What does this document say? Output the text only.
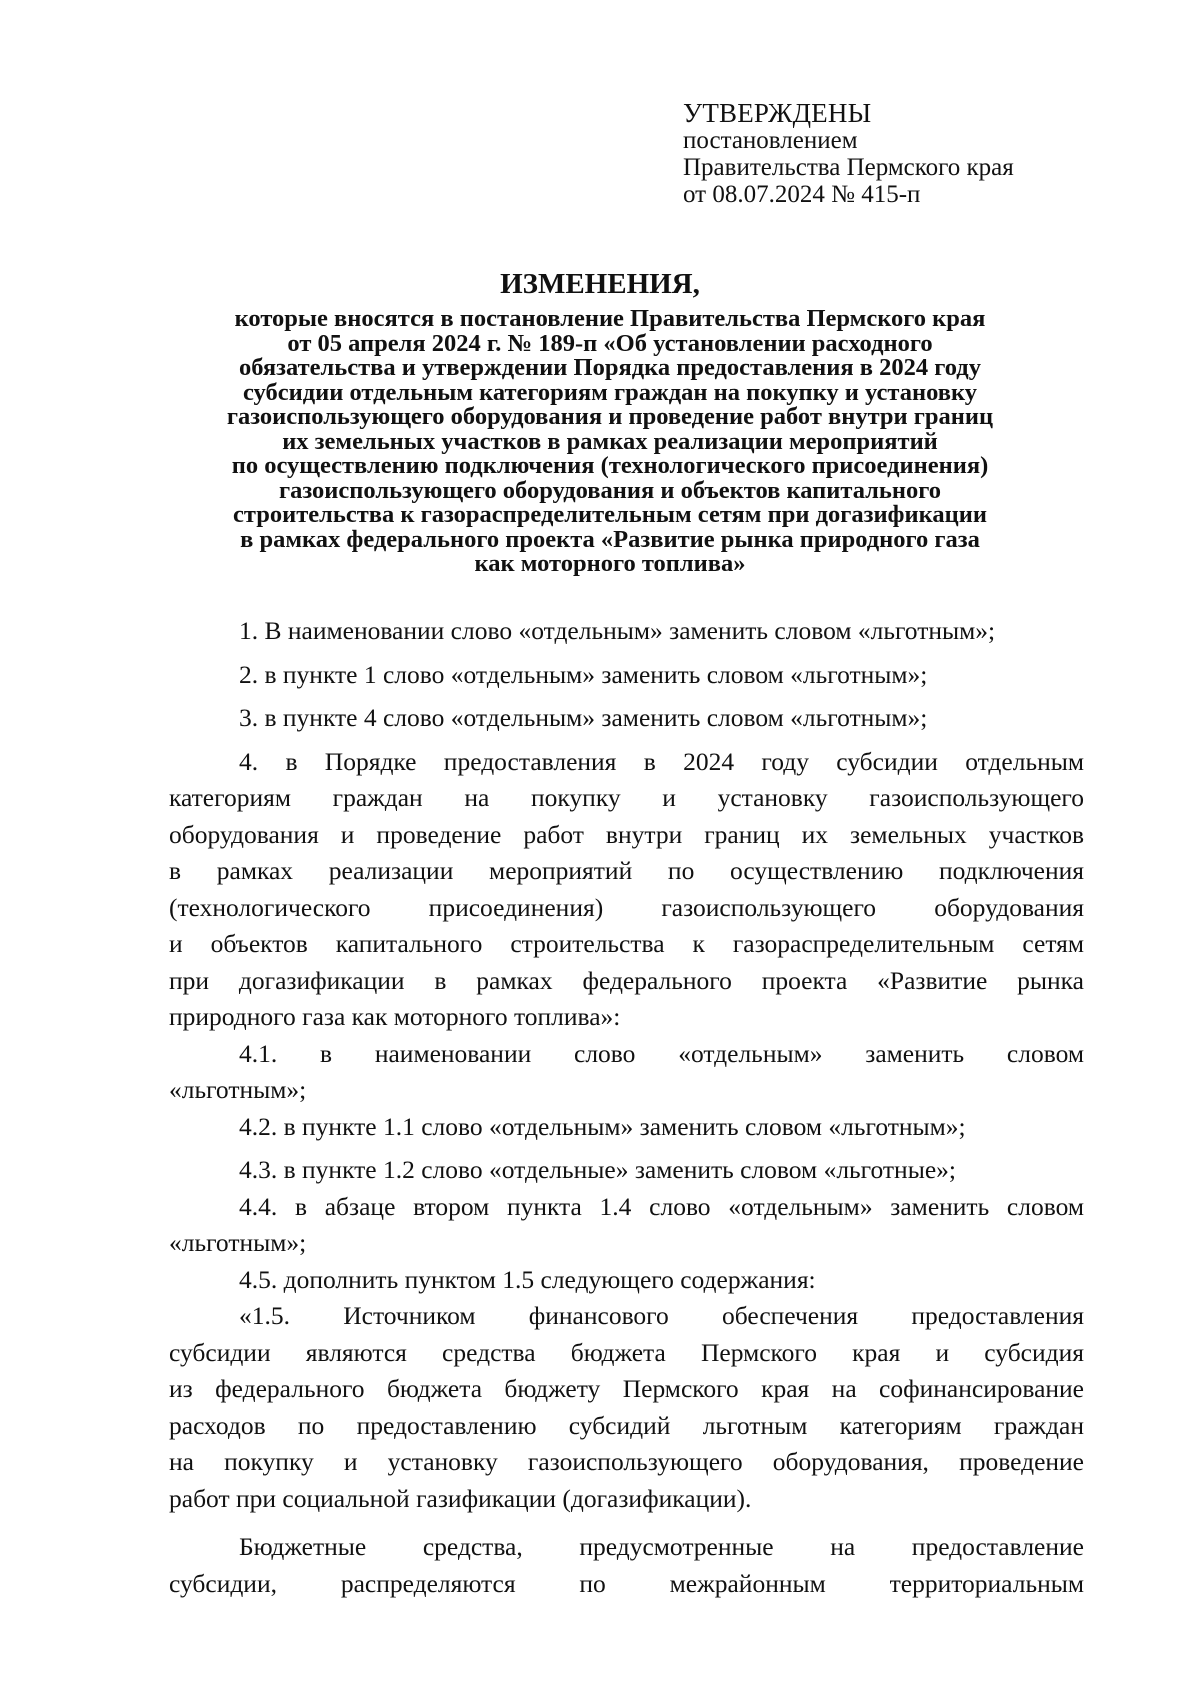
УТВЕРЖДЕНЫ
постановлением
Правительства Пермского края
от 08.07.2024 № 415-п
ИЗМЕНЕНИЯ,
которые вносятся в постановление Правительства Пермского края
от 05 апреля 2024 г. № 189-п «Об установлении расходного
обязательства и утверждении Порядка предоставления в 2024 году
субсидии отдельным категориям граждан на покупку и установку
газоиспользующего оборудования и проведение работ внутри границ
их земельных участков в рамках реализации мероприятий
по осуществлению подключения (технологического присоединения)
газоиспользующего оборудования и объектов капитального
строительства к газораспределительным сетям при догазификации
в рамках федерального проекта «Развитие рынка природного газа
как моторного топлива»

1. В наименовании слово «отдельным» заменить словом «льготным»;

2. в пункте 1 слово «отдельным» заменить словом «льготным»;

3. в пункте 4 слово «отдельным» заменить словом «льготным»;

4. в Порядке предоставления в 2024 году субсидии отдельным
категориям граждан на покупку и установку газоиспользующего
оборудования и проведение работ внутри границ их земельных участков
в рамках реализации мероприятий по осуществлению подключения
(технологического присоединения) газоиспользующего оборудования
и объектов капитального строительства к газораспределительным сетям
при догазификации в рамках федерального проекта «Развитие рынка
природного газа как моторного топлива»:

4.1. в наименовании слово «отдельным» заменить словом
«льготным»;

4.2. в пункте 1.1 слово «отдельным» заменить словом «льготным»;

4.3. в пункте 1.2 слово «отдельные» заменить словом «льготные»;

4.4. в абзаце втором пункта 1.4 слово «отдельным» заменить словом
«льготным»;

4.5. дополнить пунктом 1.5 следующего содержания:

«1.5. Источником финансового обеспечения предоставления
субсидии являются средства бюджета Пермского края и субсидия
из федерального бюджета бюджету Пермского края на софинансирование
расходов по предоставлению субсидий льготным категориям граждан
на покупку и установку газоиспользующего оборудования, проведение
работ при социальной газификации (догазификации).

Бюджетные средства, предусмотренные на предоставление
субсидии, распределяются по межрайонным территориальным
